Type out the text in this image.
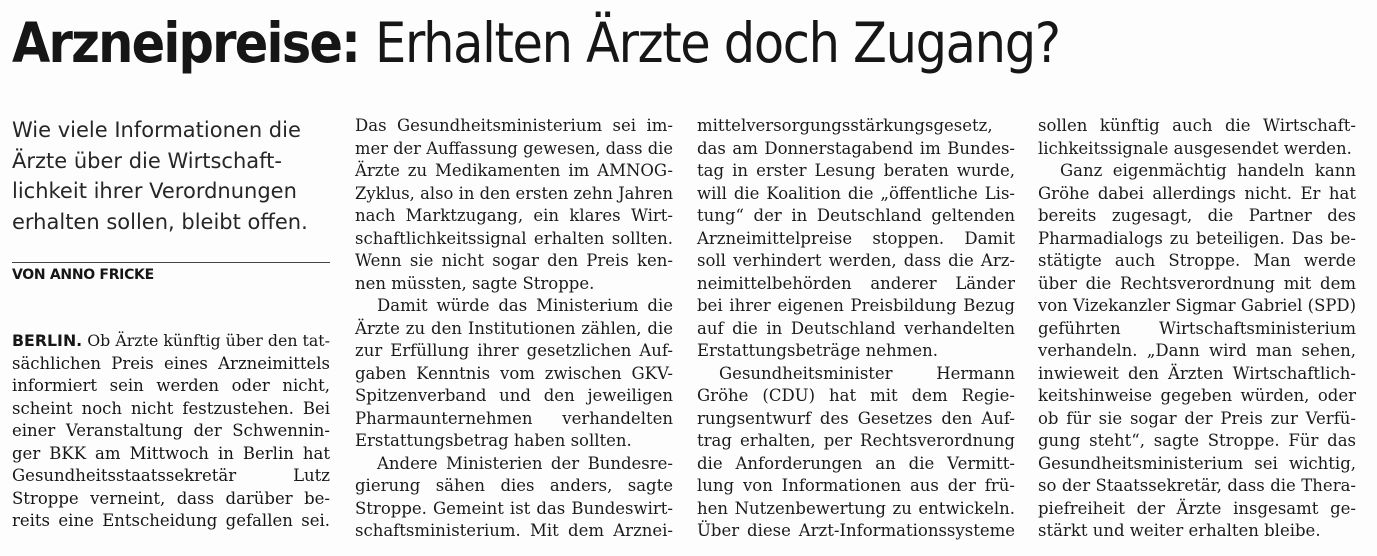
Arzneipreise: Erhalten Ärzte doch Zugang?
Wie viele Informationen die
Ärzte über die Wirtschaft-
lichkeit ihrer Verordnungen
erhalten sollen, bleibt offen.
VON ANNO FRICKE
BERLIN. Ob Ärzte künftig über den tat-
sächlichen Preis eines Arzneimittels
informiert sein werden oder nicht,
scheint noch nicht festzustehen. Bei
einer Veranstaltung der Schwennin-
ger BKK am Mittwoch in Berlin hat
Gesundheitsstaatssekretär Lutz
Stroppe verneint, dass darüber be-
reits eine Entscheidung gefallen sei.
Das Gesundheitsministerium sei im-
mer der Auffassung gewesen, dass die
Ärzte zu Medikamenten im AMNOG-
Zyklus, also in den ersten zehn Jahren
nach Marktzugang, ein klares Wirt-
schaftlichkeitssignal erhalten sollten.
Wenn sie nicht sogar den Preis ken-
nen müssten, sagte Stroppe.
Damit würde das Ministerium die
Ärzte zu den Institutionen zählen, die
zur Erfüllung ihrer gesetzlichen Auf-
gaben Kenntnis vom zwischen GKV-
Spitzenverband und den jeweiligen
Pharmaunternehmen verhandelten
Erstattungsbetrag haben sollten.
Andere Ministerien der Bundesre-
gierung sähen dies anders, sagte
Stroppe. Gemeint ist das Bundeswirt-
schaftsministerium. Mit dem Arznei-
mittelversorgungsstärkungsgesetz,
das am Donnerstagabend im Bundes-
tag in erster Lesung beraten wurde,
will die Koalition die „öffentliche Lis-
tung“ der in Deutschland geltenden
Arzneimittelpreise stoppen. Damit
soll verhindert werden, dass die Arz-
neimittelbehörden anderer Länder
bei ihrer eigenen Preisbildung Bezug
auf die in Deutschland verhandelten
Erstattungsbeträge nehmen.
Gesundheitsminister Hermann
Gröhe (CDU) hat mit dem Regie-
rungsentwurf des Gesetzes den Auf-
trag erhalten, per Rechtsverordnung
die Anforderungen an die Vermitt-
lung von Informationen aus der frü-
hen Nutzenbewertung zu entwickeln.
Über diese Arzt-Informationssysteme
sollen künftig auch die Wirtschaft-
lichkeitssignale ausgesendet werden.
Ganz eigenmächtig handeln kann
Gröhe dabei allerdings nicht. Er hat
bereits zugesagt, die Partner des
Pharmadialogs zu beteiligen. Das be-
stätigte auch Stroppe. Man werde
über die Rechtsverordnung mit dem
von Vizekanzler Sigmar Gabriel (SPD)
geführten Wirtschaftsministerium
verhandeln. „Dann wird man sehen,
inwieweit den Ärzten Wirtschaftlich-
keitshinweise gegeben würden, oder
ob für sie sogar der Preis zur Verfü-
gung steht“, sagte Stroppe. Für das
Gesundheitsministerium sei wichtig,
so der Staatssekretär, dass die Thera-
piefreiheit der Ärzte insgesamt ge-
stärkt und weiter erhalten bleibe.
